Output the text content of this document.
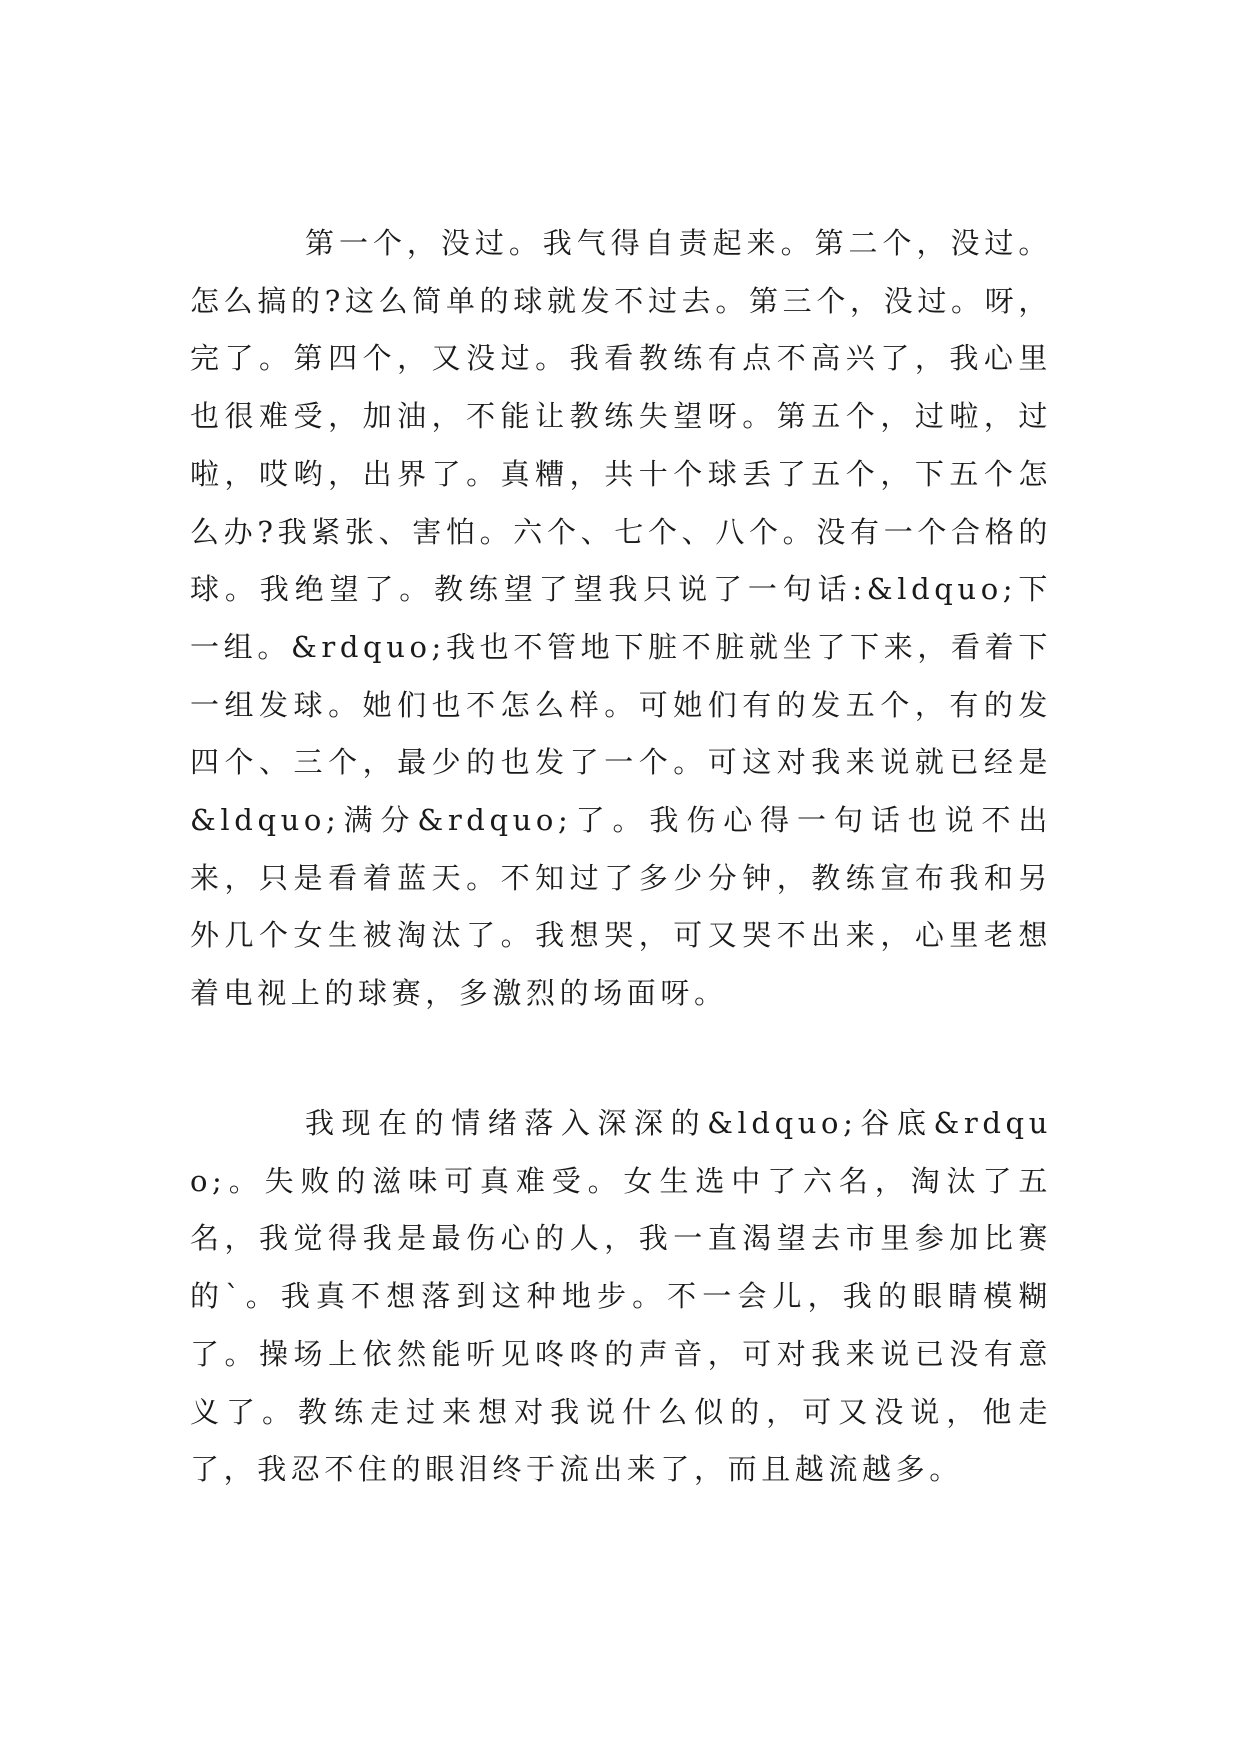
第一个，没过。我气得自责起来。第二个，没过。怎么搞的?这么简单的球就发不过去。第三个，没过。呀，完了。第四个，又没过。我看教练有点不高兴了，我心里也很难受，加油，不能让教练失望呀。第五个，过啦，过啦，哎哟，出界了。真糟，共十个球丢了五个，下五个怎么办?我紧张、害怕。六个、七个、八个。没有一个合格的球。我绝望了。教练望了望我只说了一句话:&ldquo;下一组。&rdquo;我也不管地下脏不脏就坐了下来，看着下一组发球。她们也不怎么样。可她们有的发五个，有的发四个、三个，最少的也发了一个。可这对我来说就已经是&ldquo;满分&rdquo;了。我伤心得一句话也说不出来，只是看着蓝天。不知过了多少分钟，教练宣布我和另外几个女生被淘汰了。我想哭，可又哭不出来，心里老想着电视上的球赛，多激烈的场面呀。

我现在的情绪落入深深的&ldquo;谷底&rdquo;。失败的滋味可真难受。女生选中了六名，淘汰了五名，我觉得我是最伤心的人，我一直渴望去市里参加比赛的`。我真不想落到这种地步。不一会儿，我的眼睛模糊了。操场上依然能听见咚咚的声音，可对我来说已没有意义了。教练走过来想对我说什么似的，可又没说，他走了，我忍不住的眼泪终于流出来了，而且越流越多。
